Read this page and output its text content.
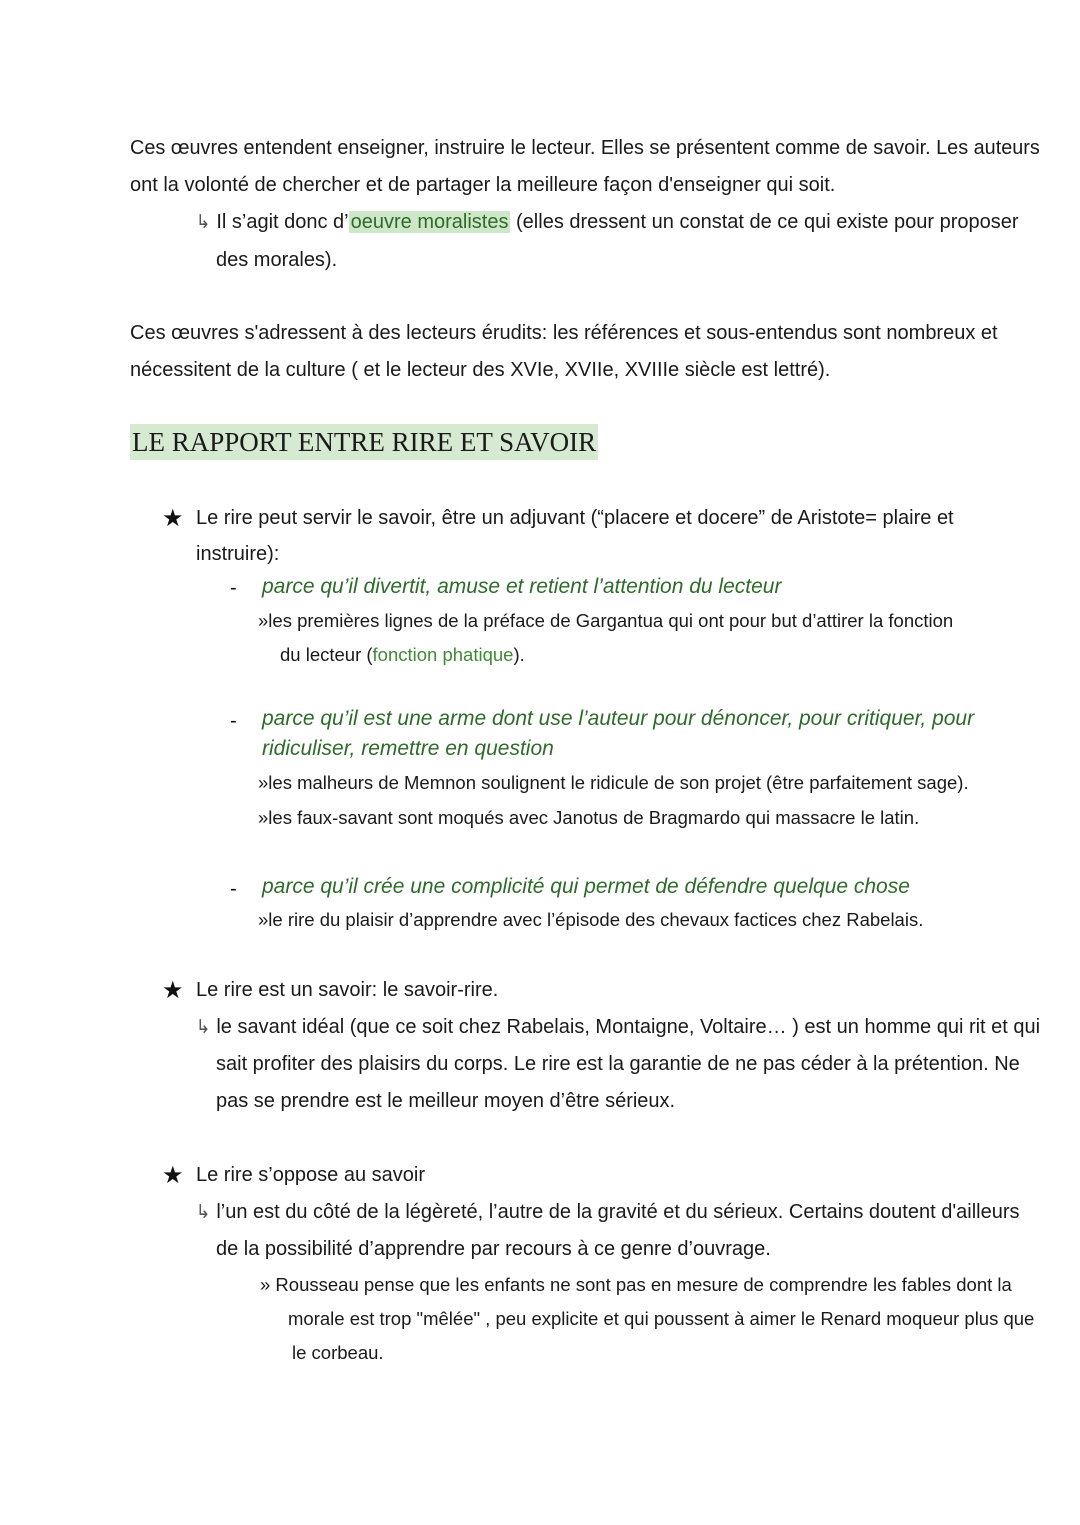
Ces œuvres entendent enseigner, instruire le lecteur. Elles se présentent comme de savoir. Les auteurs
ont la volonté de chercher et de partager la meilleure façon d'enseigner qui soit.
↳ Il s’agit donc d’ oeuvre moralistes (elles dressent un constat de ce qui existe pour proposer
des morales).
Ces œuvres s'adressent à des lecteurs érudits: les références et sous-entendus sont nombreux et
nécessitent de la culture ( et le lecteur des XVIe, XVIIe, XVIIIe siècle est lettré).
LE RAPPORT ENTRE RIRE ET SAVOIR
★ Le rire peut servir le savoir, être un adjuvant (“placere et docere” de Aristote= plaire et
instruire):
- parce qu’il divertit, amuse et retient l’attention du lecteur
»les premières lignes de la préface de Gargantua qui ont pour but d’attirer la fonction
du lecteur (fonction phatique).
- parce qu’il est une arme dont use l’auteur pour dénoncer, pour critiquer, pour
ridiculiser, remettre en question
»les malheurs de Memnon soulignent le ridicule de son projet (être parfaitement sage).
»les faux-savant sont moqués avec Janotus de Bragmardo qui massacre le latin.
- parce qu’il crée une complicité qui permet de défendre quelque chose
»le rire du plaisir d’apprendre avec l’épisode des chevaux factices chez Rabelais.
★ Le rire est un savoir: le savoir-rire.
↳ le savant idéal (que ce soit chez Rabelais, Montaigne, Voltaire… ) est un homme qui rit et qui
sait profiter des plaisirs du corps. Le rire est la garantie de ne pas céder à la prétention. Ne
pas se prendre est le meilleur moyen d’être sérieux.
★ Le rire s’oppose au savoir
↳ l’un est du côté de la légèreté, l’autre de la gravité et du sérieux. Certains doutent d'ailleurs
de la possibilité d’apprendre par recours à ce genre d’ouvrage.
» Rousseau pense que les enfants ne sont pas en mesure de comprendre les fables dont la
morale est trop "mêlée" , peu explicite et qui poussent à aimer le Renard moqueur plus que
le corbeau.
